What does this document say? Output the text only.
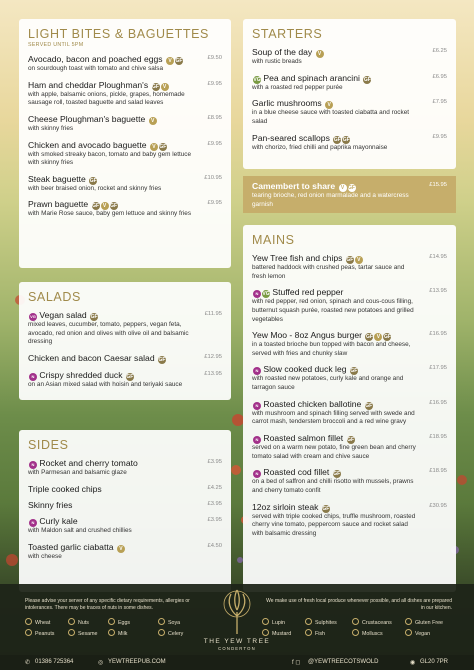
LIGHT BITES & BAGUETTES
SERVED UNTIL 5PM
Avocado, bacon and poached eggs V GF
on sourdough toast with tomato and chive salsa
£9.50
Ham and cheddar Ploughman's GF V
with apple, balsamic onions, pickle, grapes, homemade sausage roll, toasted baguette and salad leaves
£9.95
Cheese Ploughman's baguette V
with skinny fries
£8.95
Chicken and avocado baguette V GF
with smoked streaky bacon, tomato and baby gem lettuce with skinny fries
£9.95
Steak baguette GF
with beer braised onion, rocket and skinny fries
£10.95
Prawn baguette GF V GF
with Marie Rose sauce, baby gem lettuce and skinny fries
£9.95
SALADS
VG Vegan salad GF
mixed leaves, cucumber, tomato, peppers, vegan feta, avocado, red onion and olives with olive oil and balsamic dressing
£11.95
Chicken and bacon Caesar salad GF	£12.95
N Crispy shredded duck GF
on an Asian mixed salad with hoisin and teriyaki sauce
£13.95
SIDES
N Rocket and cherry tomato
with Parmesan and balsamic glaze
£3.95
Triple cooked chips	£4.25
Skinny fries	£3.95
N Curly kale
with Maldon salt and crushed chillies
£3.95
Toasted garlic ciabatta V
with cheese
£4.50
STARTERS
Soup of the day V
with rustic breads
£6.25
VG Pea and spinach arancini GF
with a roasted red pepper purée
£6.95
Garlic mushrooms V
in a blue cheese sauce with toasted ciabatta and rocket salad
£7.95
Pan-seared scallops GF GF
with chorizo, fried chilli and paprika mayonnaise
£9.95
Camembert to share V GF
tearing brioche, red onion marmalade and a watercress garnish
£15.95
MAINS
Yew Tree fish and chips GF V
battered haddock with crushed peas, tartar sauce and fresh lemon
£14.95
N VG Stuffed red pepper
with red pepper, red onion, spinach and cous-cous filling, butternut squash purée, roasted new potatoes and grilled vegetables
£13.95
Yew Moo - 8oz Angus burger GF V GF
in a toasted brioche bun topped with bacon and cheese, served with fries and chunky slaw
£16.95
N Slow cooked duck leg GF
with roasted new potatoes, curly kale and orange and tarragon sauce
£17.95
N Roasted chicken ballotine GF
with mushroom and spinach filling served with swede and carrot mash, tenderstem broccoli and a red wine gravy
£16.95
N Roasted salmon fillet GF
served on a warm new potato, fine green bean and cherry tomato salad with cream and chive sauce
£18.95
N Roasted cod fillet GF
on a bed of saffron and chilli risotto with mussels, prawns and cherry tomato confit
£18.95
12oz sirloin steak GF
served with triple cooked chips, truffle mushroom, roasted cherry vine tomato, peppercorn sauce and rocket salad with balsamic dressing
£30.95
Please advise your server of any specific dietary requirements, allergies or intolerances. There may be traces of nuts in some dishes.
We make use of fresh local produce whenever possible, and all dishes are prepared in our kitchen.
Wheat	Nuts	Eggs	Soya
Peanuts	Sesame	Milk	Celery
Lupin	Sulphites	Crustaceans	Gluten Free
Mustard	Fish	Molluscs	Vegan
THE YEW TREE
CONDERTON
✆ 01386 725364	◎ YEWTREEPUB.COM	f ◻ @YEWTREECOTSWOLD	◉ GL20 7PR
